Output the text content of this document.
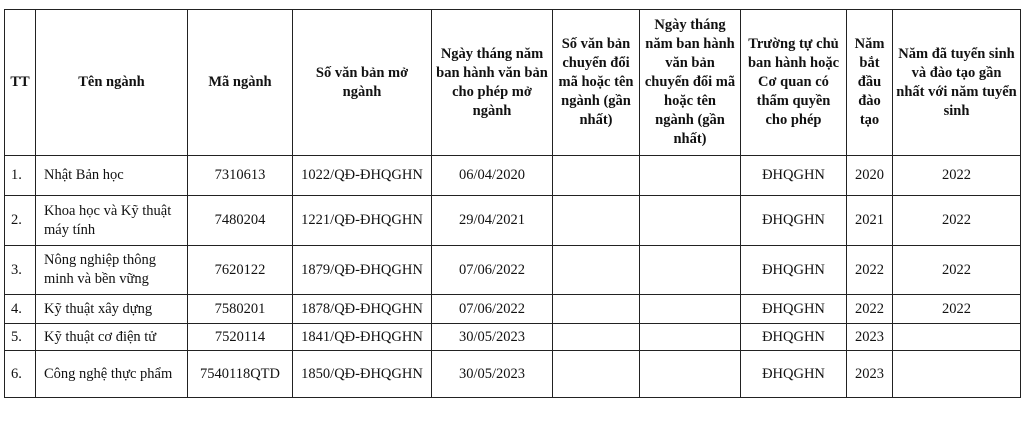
TT	Tên ngành	Mã ngành	Số văn bản mở ngành	Ngày tháng năm ban hành văn bản cho phép mở ngành	Số văn bản chuyển đổi mã hoặc tên ngành (gần nhất)	Ngày tháng năm ban hành văn bản chuyển đổi mã hoặc tên ngành (gần nhất)	Trường tự chủ ban hành hoặc Cơ quan có thẩm quyền cho phép	Năm bắt đầu đào tạo	Năm đã tuyển sinh và đào tạo gần nhất với năm tuyển sinh
1.	Nhật Bản học	7310613	1022/QĐ-ĐHQGHN	06/04/2020			ĐHQGHN	2020	2022
2.	Khoa học và Kỹ thuật máy tính	7480204	1221/QĐ-ĐHQGHN	29/04/2021			ĐHQGHN	2021	2022
3.	Nông nghiệp thông minh và bền vững	7620122	1879/QĐ-ĐHQGHN	07/06/2022			ĐHQGHN	2022	2022
4.	Kỹ thuật xây dựng	7580201	1878/QĐ-ĐHQGHN	07/06/2022			ĐHQGHN	2022	2022
5.	Kỹ thuật cơ điện tử	7520114	1841/QĐ-ĐHQGHN	30/05/2023			ĐHQGHN	2023	
6.	Công nghệ thực phẩm	7540118QTD	1850/QĐ-ĐHQGHN	30/05/2023			ĐHQGHN	2023	
